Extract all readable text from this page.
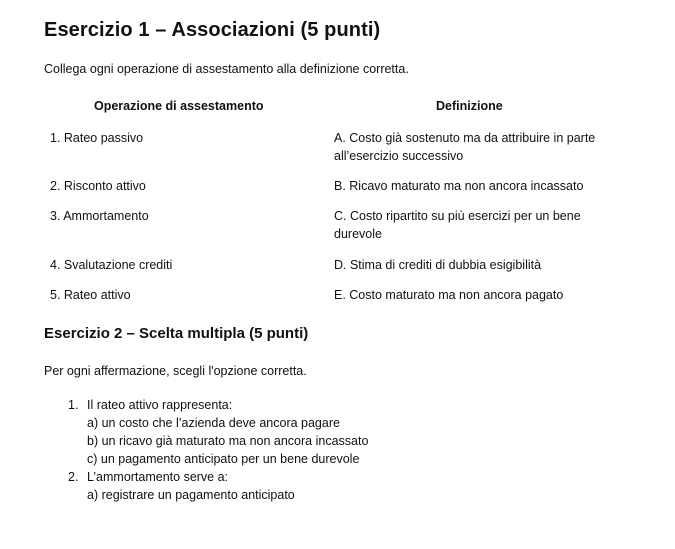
Esercizio 1 – Associazioni (5 punti)
Collega ogni operazione di assestamento alla definizione corretta.
Operazione di assestamento	Definizione
1. Rateo passivo	A. Costo già sostenuto ma da attribuire in parte all’esercizio successivo
2. Risconto attivo	B. Ricavo maturato ma non ancora incassato
3. Ammortamento	C. Costo ripartito su più esercizi per un bene durevole
4. Svalutazione crediti	D. Stima di crediti di dubbia esigibilità
5. Rateo attivo	E. Costo maturato ma non ancora pagato
Esercizio 2 – Scelta multipla (5 punti)
Per ogni affermazione, scegli l'opzione corretta.
1. Il rateo attivo rappresenta:
a) un costo che l’azienda deve ancora pagare
b) un ricavo già maturato ma non ancora incassato
c) un pagamento anticipato per un bene durevole
2. L’ammortamento serve a:
a) registrare un pagamento anticipato
